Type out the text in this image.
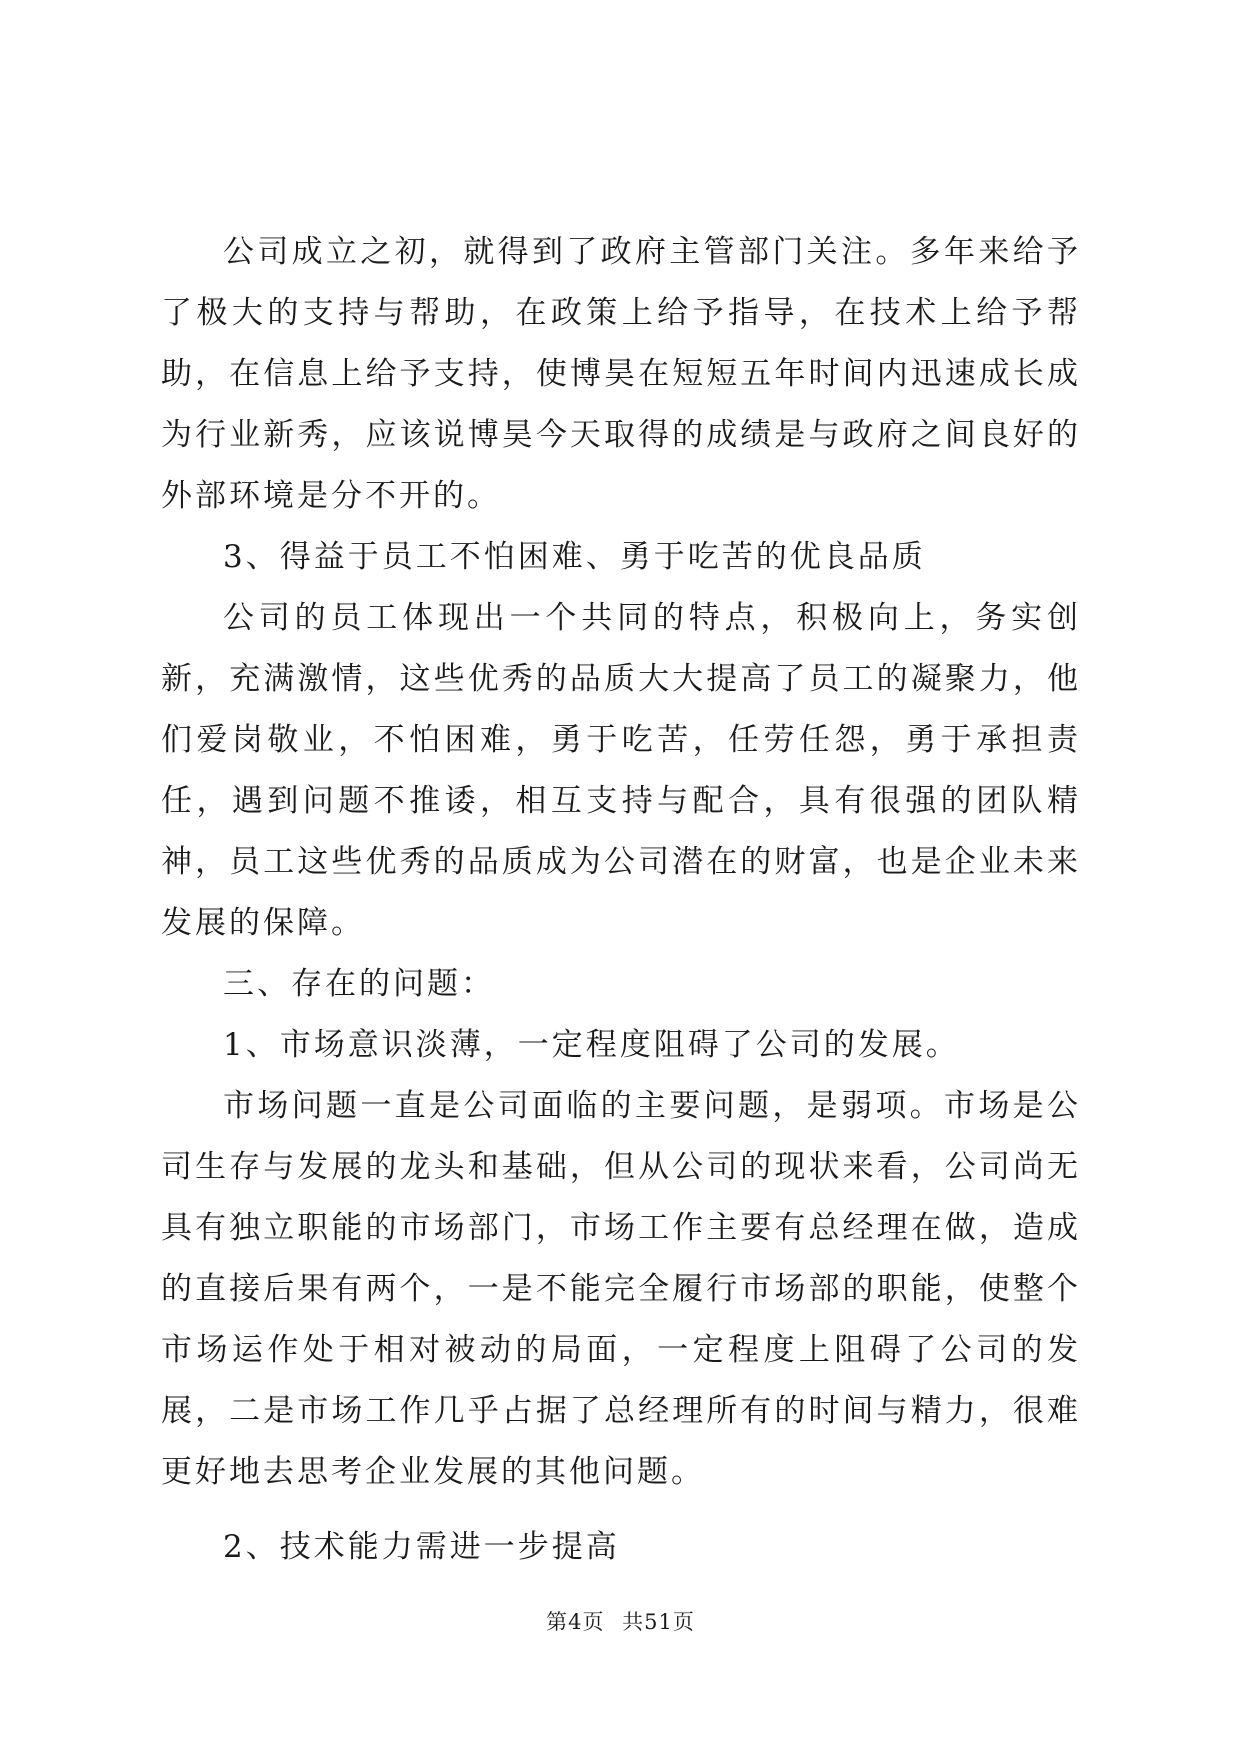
公司成立之初，就得到了政府主管部门关注。多年来给予了极大的支持与帮助，在政策上给予指导，在技术上给予帮助，在信息上给予支持，使博昊在短短五年时间内迅速成长成为行业新秀，应该说博昊今天取得的成绩是与政府之间良好的外部环境是分不开的。

3、得益于员工不怕困难、勇于吃苦的优良品质

公司的员工体现出一个共同的特点，积极向上，务实创新，充满激情，这些优秀的品质大大提高了员工的凝聚力，他们爱岗敬业，不怕困难，勇于吃苦，任劳任怨，勇于承担责任，遇到问题不推诿，相互支持与配合，具有很强的团队精神，员工这些优秀的品质成为公司潜在的财富，也是企业未来发展的保障。

三、存在的问题：

1、市场意识淡薄，一定程度阻碍了公司的发展。

市场问题一直是公司面临的主要问题，是弱项。市场是公司生存与发展的龙头和基础，但从公司的现状来看，公司尚无具有独立职能的市场部门，市场工作主要有总经理在做，造成的直接后果有两个，一是不能完全履行市场部的职能，使整个市场运作处于相对被动的局面，一定程度上阻碍了公司的发展，二是市场工作几乎占据了总经理所有的时间与精力，很难更好地去思考企业发展的其他问题。

2、技术能力需进一步提高

第4页 共51页
